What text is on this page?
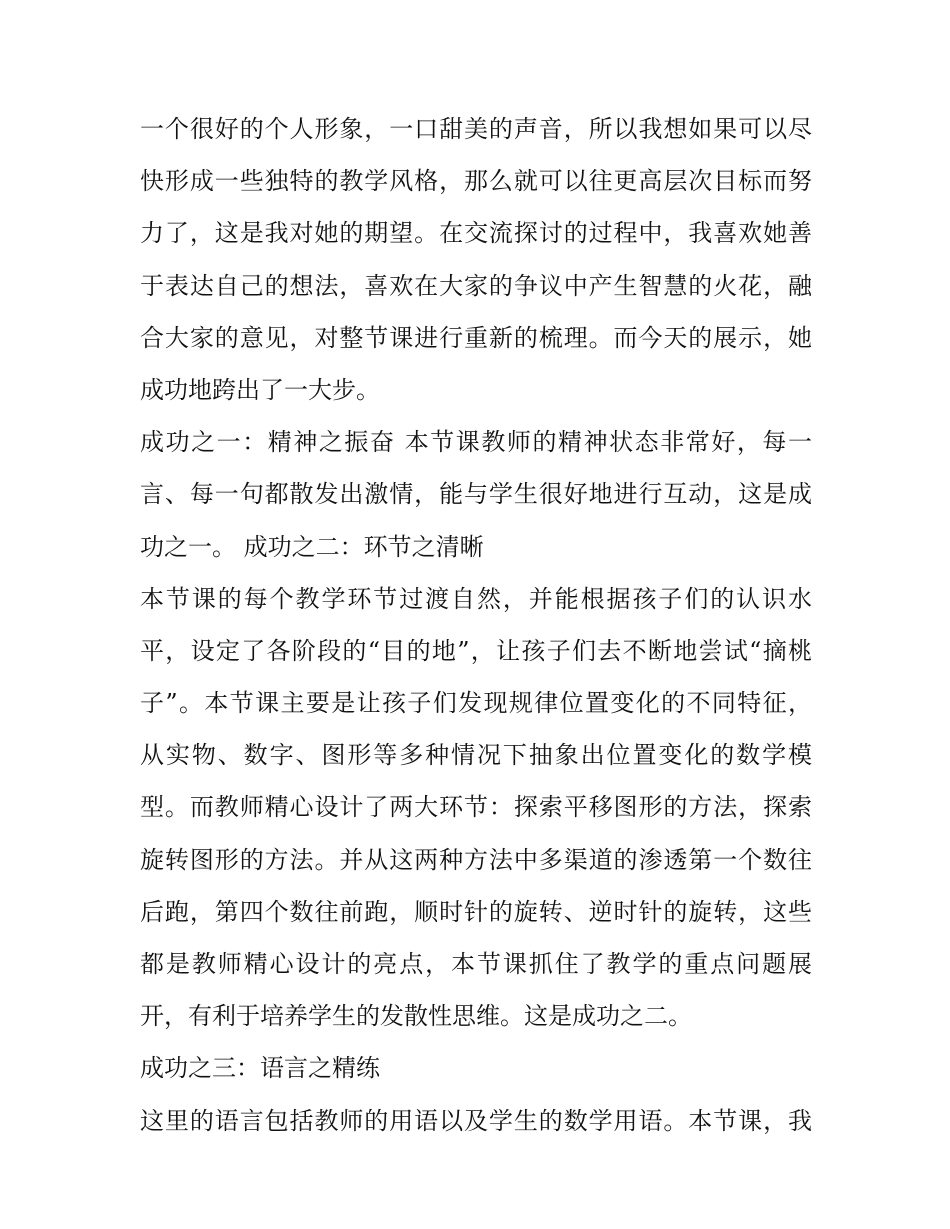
一个很好的个人形象，一口甜美的声音，所以我想如果可以尽
快形成一些独特的教学风格，那么就可以往更高层次目标而努
力了，这是我对她的期望。在交流探讨的过程中，我喜欢她善
于表达自己的想法，喜欢在大家的争议中产生智慧的火花，融
合大家的意见，对整节课进行重新的梳理。而今天的展示，她
成功地跨出了一大步。
成功之一：精神之振奋 本节课教师的精神状态非常好，每一
言、每一句都散发出激情，能与学生很好地进行互动，这是成
功之一。 成功之二：环节之清晰
本节课的每个教学环节过渡自然，并能根据孩子们的认识水
平，设定了各阶段的“目的地”，让孩子们去不断地尝试“摘桃
子”。本节课主要是让孩子们发现规律位置变化的不同特征，
从实物、数字、图形等多种情况下抽象出位置变化的数学模
型。而教师精心设计了两大环节：探索平移图形的方法，探索
旋转图形的方法。并从这两种方法中多渠道的渗透第一个数往
后跑，第四个数往前跑，顺时针的旋转、逆时针的旋转，这些
都是教师精心设计的亮点，本节课抓住了教学的重点问题展
开，有利于培养学生的发散性思维。这是成功之二。
成功之三：语言之精练
这里的语言包括教师的用语以及学生的数学用语。本节课，我
